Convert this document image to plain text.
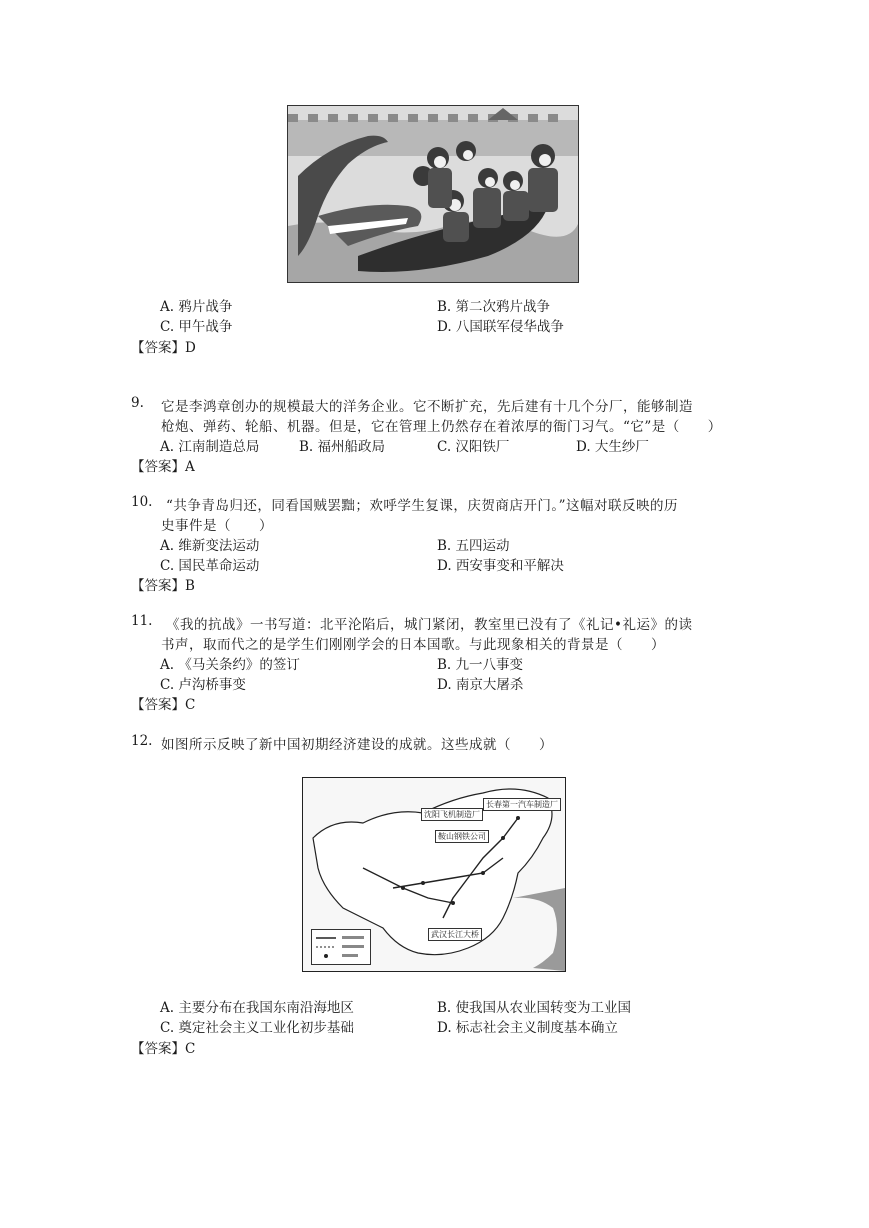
A. 鸦片战争	B. 第二次鸦片战争
C. 甲午战争	D. 八国联军侵华战争
【答案】D
9. 它是李鸿章创办的规模最大的洋务企业。它不断扩充，先后建有十几个分厂，能够制造
枪炮、弹药、轮船、机器。但是，它在管理上仍然存在着浓厚的衙门习气。“它”是（　　）
A. 江南制造总局	B. 福州船政局	C. 汉阳铁厂	D. 大生纱厂
【答案】A
10. “共争青岛归还，同看国贼罢黜；欢呼学生复课，庆贺商店开门。”这幅对联反映的历
史事件是（　　）
A. 维新变法运动	B. 五四运动
C. 国民革命运动	D. 西安事变和平解决
【答案】B
11. 《我的抗战》一书写道：北平沦陷后，城门紧闭，教室里已没有了《礼记•礼运》的读
书声，取而代之的是学生们刚刚学会的日本国歌。与此现象相关的背景是（　　）
A. 《马关条约》的签订	B. 九一八事变
C. 卢沟桥事变	D. 南京大屠杀
【答案】C
12. 如图所示反映了新中国初期经济建设的成就。这些成就（　　）
沈阳飞机制造厂
长春第一汽车制造厂
鞍山钢铁公司
武汉长江大桥
A. 主要分布在我国东南沿海地区	B. 使我国从农业国转变为工业国
C. 奠定社会主义工业化初步基础	D. 标志社会主义制度基本确立
【答案】C
